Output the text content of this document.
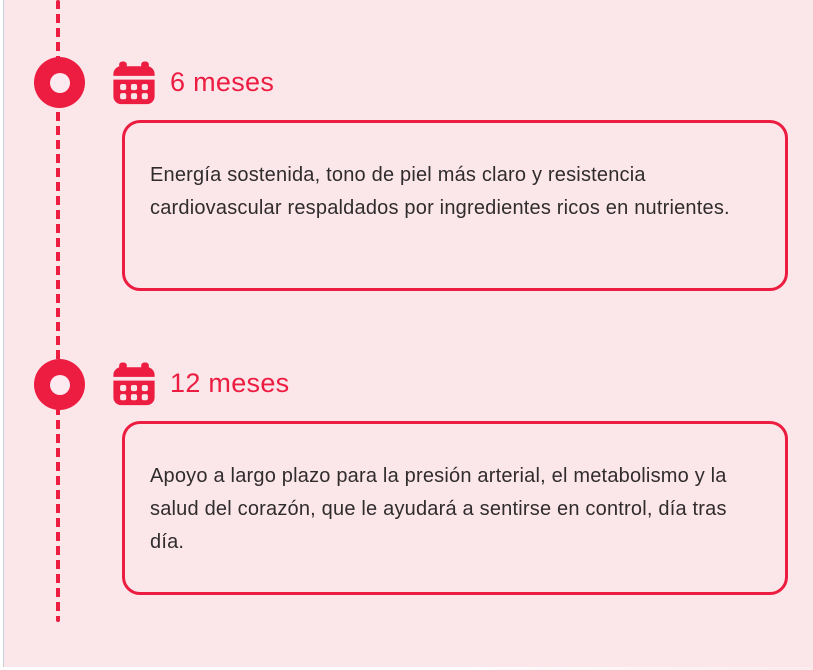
6 meses

Energía sostenida, tono de piel más claro y resistencia cardiovascular respaldados por ingredientes ricos en nutrientes.

12 meses

Apoyo a largo plazo para la presión arterial, el metabolismo y la salud del corazón, que le ayudará a sentirse en control, día tras día.
